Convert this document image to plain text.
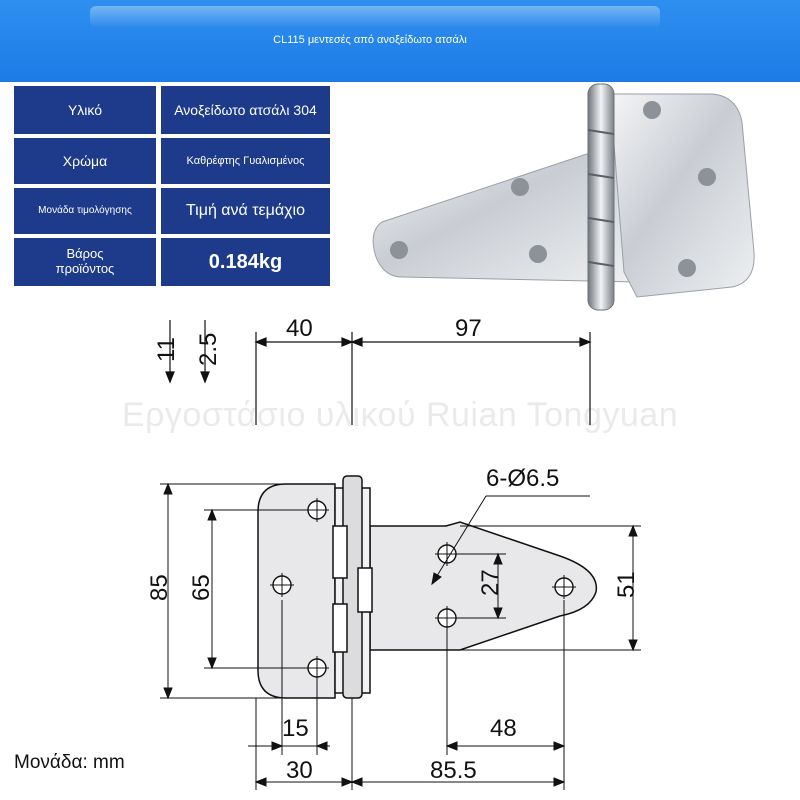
CL115 μεντεσές από ανοξείδωτο ατσάλι
Υλικό	Ανοξείδωτο ατσάλι 304
Χρώμα	Καθρέφτης Γυαλισμένος
Μονάδα τιμολόγησης	Τιμή ανά τεμάχιο
Βάρος προϊόντος	0.184kg
Εργοστάσιο υλικού Ruian Tongyuan
11 2.5
40	97
6-Ø6.5
85 65	27	51
15	48
30	85.5
Μονάδα: mm
